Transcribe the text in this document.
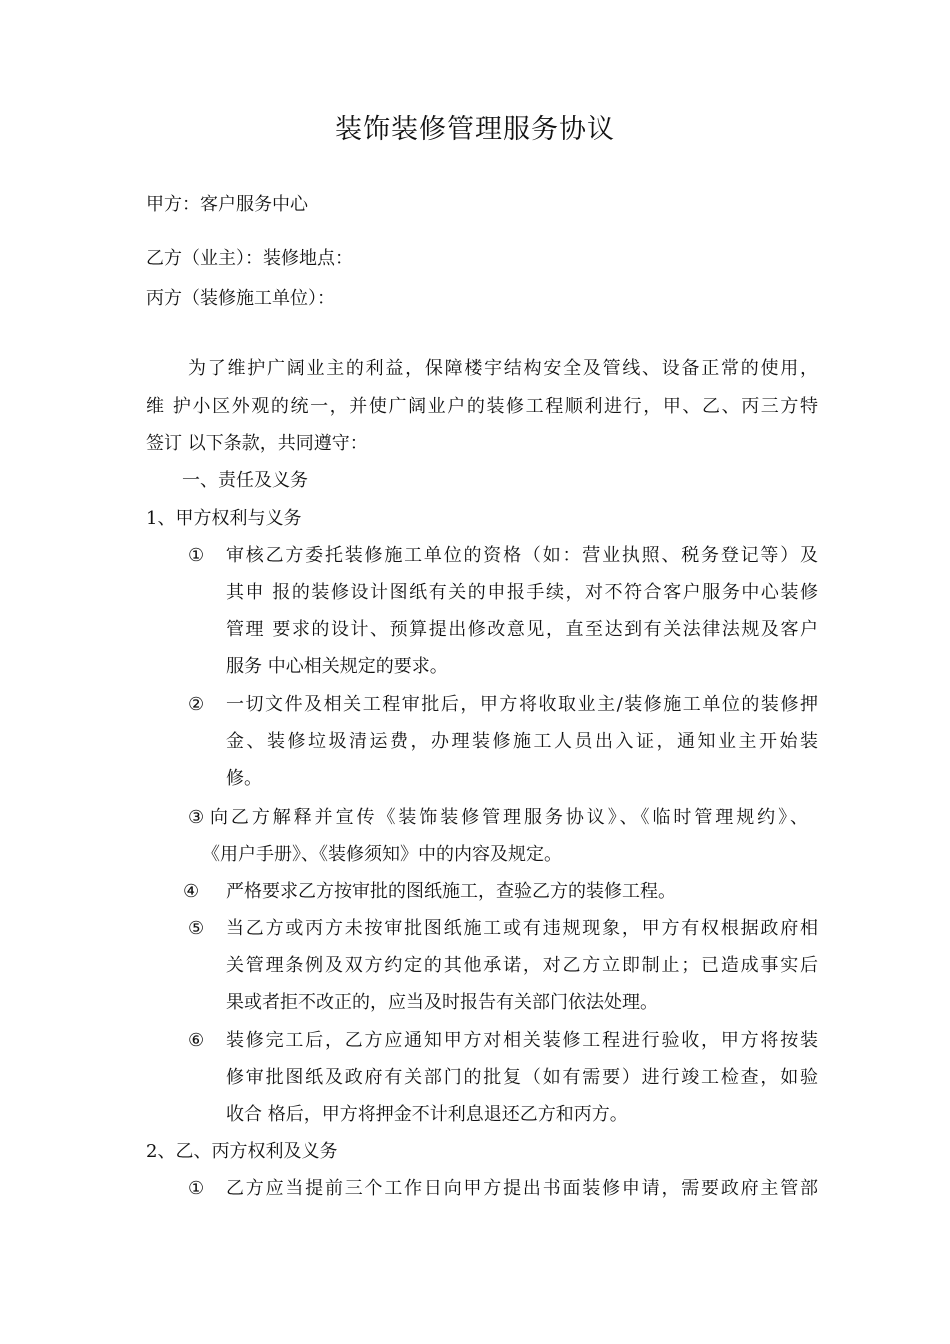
装饰装修管理服务协议
甲方：客户服务中心
乙方（业主）：装修地点：
丙方（装修施工单位）：
为了维护广阔业主的利益，保障楼宇结构安全及管线、设备正常的使用，
维 护小区外观的统一，并使广阔业户的装修工程顺利进行，甲、乙、丙三方特
签订 以下条款，共同遵守：
一、责任及义务
1、甲方权利与义务
① 审核乙方委托装修施工单位的资格（如：营业执照、税务登记等）及
其申 报的装修设计图纸有关的申报手续，对不符合客户服务中心装修
管理 要求的设计、预算提出修改意见，直至达到有关法律法规及客户
服务 中心相关规定的要求。
② 一切文件及相关工程审批后，甲方将收取业主/装修施工单位的装修押
金、装修垃圾清运费，办理装修施工人员出入证，通知业主开始装
修。
③ 向乙方解释并宣传《装饰装修管理服务协议》、《临时管理规约》、
《用户手册》、《装修须知》中的内容及规定。
④ 严格要求乙方按审批的图纸施工，查验乙方的装修工程。
⑤ 当乙方或丙方未按审批图纸施工或有违规现象，甲方有权根据政府相
关管理条例及双方约定的其他承诺，对乙方立即制止；已造成事实后
果或者拒不改正的，应当及时报告有关部门依法处理。
⑥ 装修完工后，乙方应通知甲方对相关装修工程进行验收，甲方将按装
修审批图纸及政府有关部门的批复（如有需要）进行竣工检查，如验
收合 格后，甲方将押金不计利息退还乙方和丙方。
2、乙、丙方权利及义务
① 乙方应当提前三个工作日向甲方提出书面装修申请，需要政府主管部
